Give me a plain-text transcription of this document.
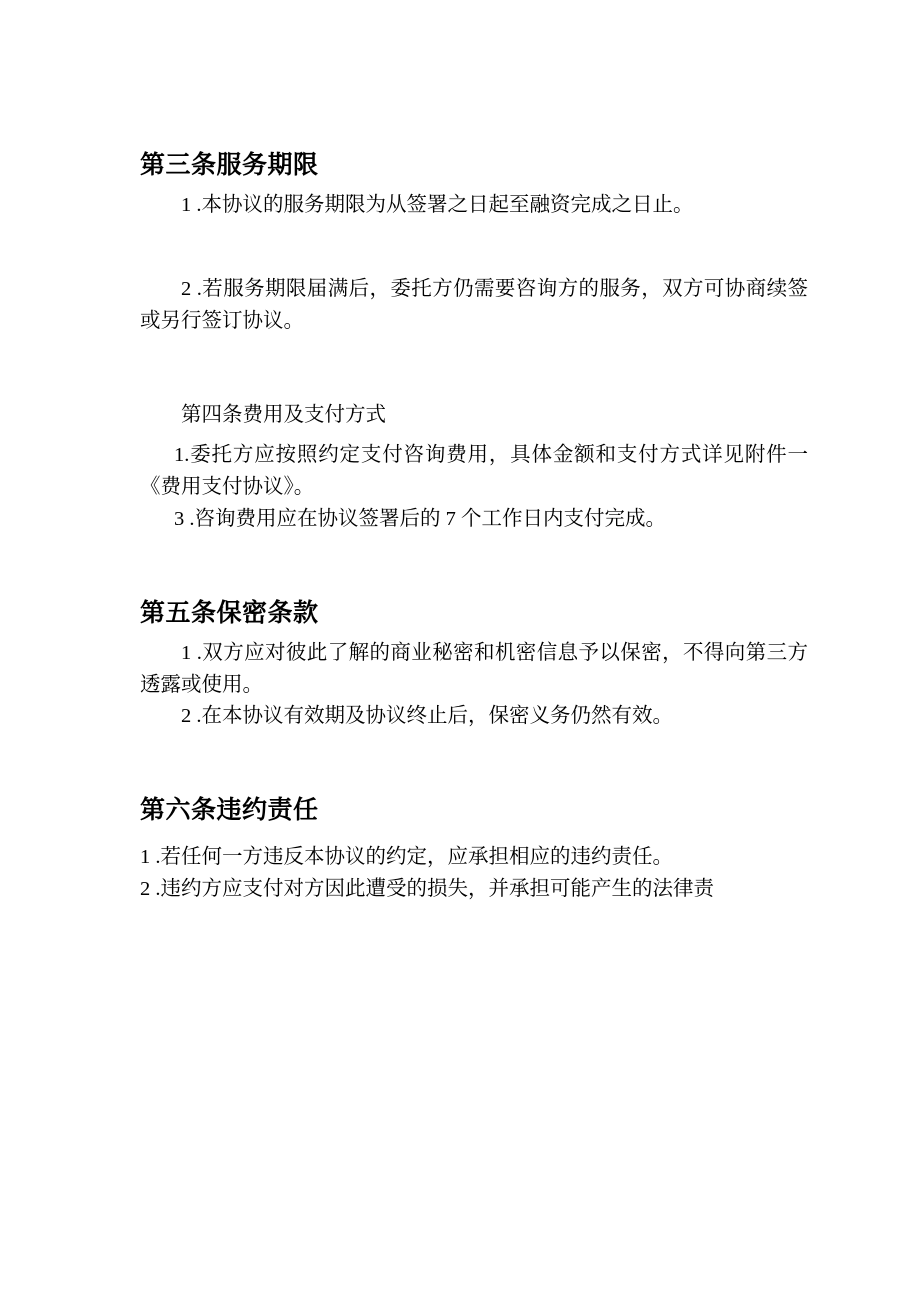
第三条服务期限

1 .本协议的服务期限为从签署之日起至融资完成之日止。

2 .若服务期限届满后，委托方仍需要咨询方的服务，双方可协商续签或另行签订协议。

第四条费用及支付方式

1.委托方应按照约定支付咨询费用，具体金额和支付方式详见附件一《费用支付协议》。

3 .咨询费用应在协议签署后的 7 个工作日内支付完成。

第五条保密条款

1 .双方应对彼此了解的商业秘密和机密信息予以保密，不得向第三方透露或使用。

2 .在本协议有效期及协议终止后，保密义务仍然有效。

第六条违约责任

1 .若任何一方违反本协议的约定，应承担相应的违约责任。

2 .违约方应支付对方因此遭受的损失，并承担可能产生的法律责
